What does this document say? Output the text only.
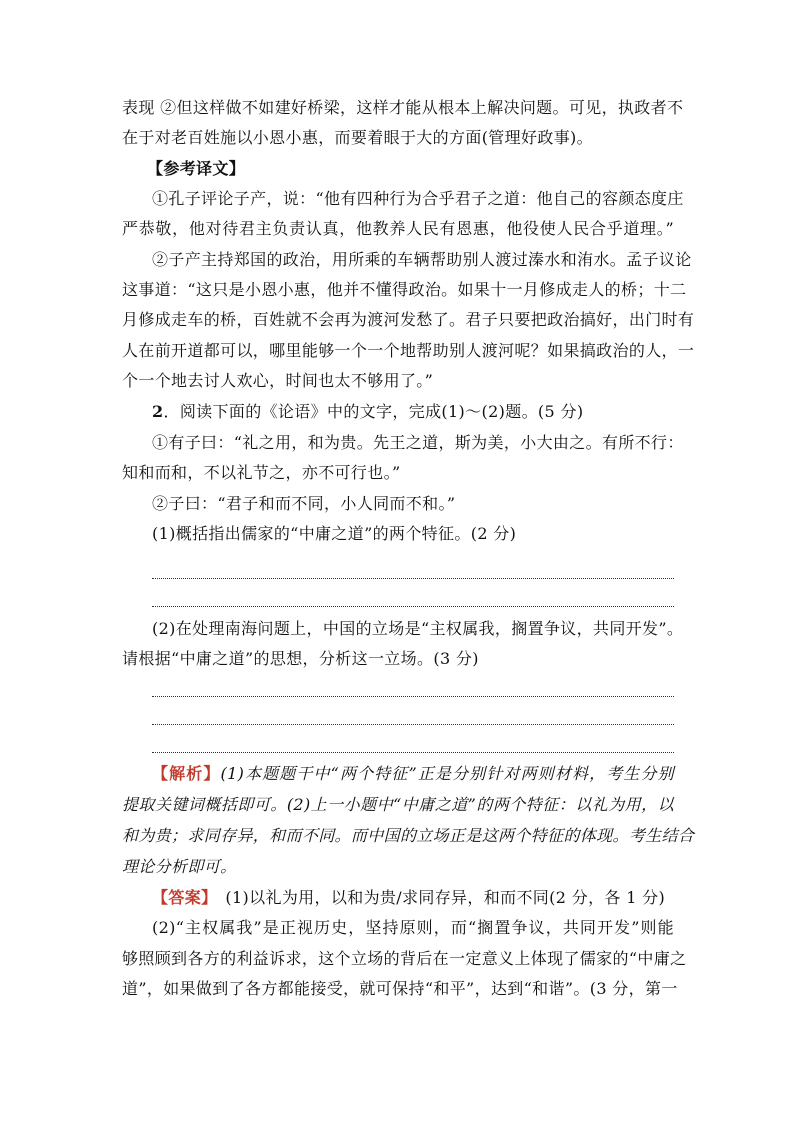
表现 ②但这样做不如建好桥梁，这样才能从根本上解决问题。可见，执政者不
在于对老百姓施以小恩小惠，而要着眼于大的方面(管理好政事)。
【参考译文】
①孔子评论子产，说：“他有四种行为合乎君子之道：他自己的容颜态度庄
严恭敬，他对待君主负责认真，他教养人民有恩惠，他役使人民合乎道理。”
②子产主持郑国的政治，用所乘的车辆帮助别人渡过溱水和洧水。孟子议论
这事道：“这只是小恩小惠，他并不懂得政治。如果十一月修成走人的桥；十二
月修成走车的桥，百姓就不会再为渡河发愁了。君子只要把政治搞好，出门时有
人在前开道都可以，哪里能够一个一个地帮助别人渡河呢？如果搞政治的人，一
个一个地去讨人欢心，时间也太不够用了。”
2．阅读下面的《论语》中的文字，完成(1)～(2)题。(5 分)
①有子曰：“礼之用，和为贵。先王之道，斯为美，小大由之。有所不行：
知和而和，不以礼节之，亦不可行也。”
②子曰：“君子和而不同，小人同而不和。”
(1)概括指出儒家的“中庸之道”的两个特征。(2 分)
(2)在处理南海问题上，中国的立场是“主权属我，搁置争议，共同开发”。
请根据“中庸之道”的思想，分析这一立场。(3 分)
【解析】(1)本题题干中“两个特征”正是分别针对两则材料，考生分别
提取关键词概括即可。(2)上一小题中“中庸之道”的两个特征：以礼为用，以
和为贵；求同存异，和而不同。而中国的立场正是这两个特征的体现。考生结合
理论分析即可。
【答案】 (1)以礼为用，以和为贵/求同存异，和而不同(2 分，各 1 分)
(2)“主权属我”是正视历史，坚持原则，而“搁置争议，共同开发”则能
够照顾到各方的利益诉求，这个立场的背后在一定意义上体现了儒家的“中庸之
道”，如果做到了各方都能接受，就可保持“和平”，达到“和谐”。(3 分，第一
